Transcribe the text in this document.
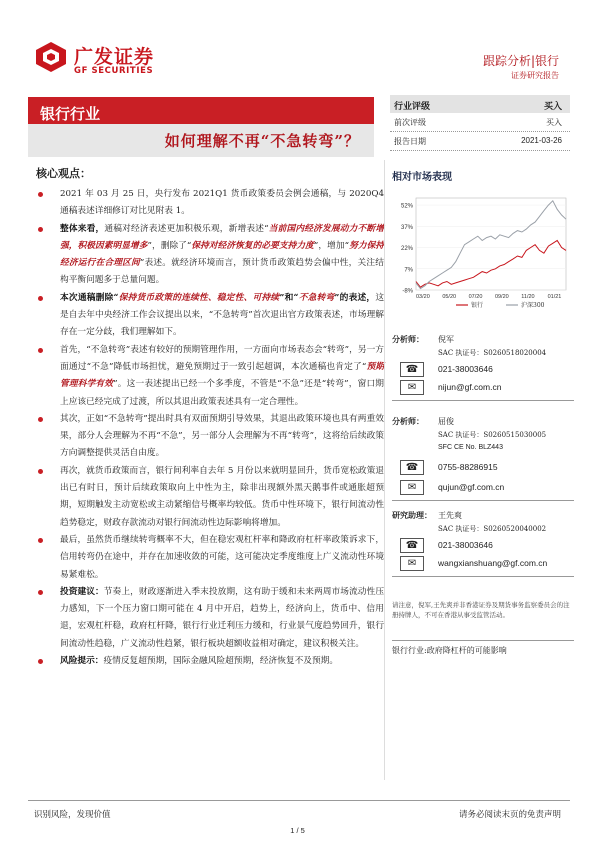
广发证券
GF SECURITIES
跟踪分析|银行
证券研究报告
银行行业
如何理解不再“不急转弯”？
行业评级	买入
前次评级	买入
报告日期	2021-03-26
相对市场表现
-8%
7%
22%
37%
52%
03/20 05/20 07/20 09/20 11/20 01/21
银行	沪深300
核心观点：
2021 年 03 月 25 日，央行发布 2021Q1 货币政策委员会例会通稿，与 2020Q4 通稿表述详细修订对比见附表 1。
整体来看，通稿对经济表述更加积极乐观，新增表述“当前国内经济发展动力不断增强，积极因素明显增多”，删除了“保持对经济恢复的必要支持力度”，增加“努力保持经济运行在合理区间”表述。就经济环境而言，预计货币政策趋势会偏中性，关注结构平衡问题多于总量问题。
本次通稿删除“保持货币政策的连续性、稳定性、可持续”和“不急转弯”的表述，这是自去年中央经济工作会议提出以来，“不急转弯”首次退出官方政策表述，市场理解存在一定分歧，我们理解如下。
首先，“不急转弯”表述有较好的预期管理作用，一方面向市场表态会“转弯”，另一方面通过“不急”降低市场担忧，避免预期过于一致引起超调，本次通稿也肯定了“预期管理科学有效”。这一表述提出已经一个多季度，不管是“不急”还是“转弯”，窗口期上应该已经完成了过渡，所以其退出政策表述具有一定合理性。
其次，正如“不急转弯”提出时具有双面预期引导效果，其退出政策环境也具有两重效果，部分人会理解为不再“不急”，另一部分人会理解为不再“转弯”，这将给后续政策方向调整提供灵活自由度。
再次，就货币政策而言，银行间利率自去年 5 月份以来就明显回升，货币宽松政策退出已有时日，预计后续政策取向上中性为主，除非出现额外黑天鹅事件或通胀超预期，短期触发主动宽松或主动紧缩信号概率均较低。货币中性环境下，银行间流动性趋势稳定，财政存款流动对银行间流动性边际影响将增加。
最后，虽然货币继续转弯概率不大，但在稳宏观杠杆率和降政府杠杆率政策诉求下，信用转弯仍在途中，并存在加速收敛的可能，这可能决定季度维度上广义流动性环境易紧难松。
投资建议：节奏上，财政逐渐进入季末投放期，这有助于缓和未来两周市场流动性压力感知，下一个压力窗口期可能在 4 月中开启，趋势上，经济向上，货币中、信用退，宏观杠杆稳，政府杠杆降，银行行业迁利压力缓和，行业景气度趋势回升，银行间流动性趋稳，广义流动性趋紧，银行板块超额收益相对确定，建议积极关注。
风险提示：疫情反复超预期，国际金融风险超预期，经济恢复不及预期。
分析师： 倪军
SAC 执证号：S0260518020004
☎	021-38003646
✉	nijun@gf.com.cn
分析师： 屈俊
SAC 执证号：S0260515030005
SFC CE No. BLZ443
☎	0755-88286915
✉	qujun@gf.com.cn
研究助理： 王先爽
SAC 执证号：S0260520040002
☎	021-38003646
✉	wangxianshuang@gf.com.cn
请注意，倪军,王先爽并非香港证券及期货事务监察委员会的注册持牌人，不可在香港从事受监管活动。
银行行业:政府降杠杆的可能影响
识别风险，发现价值	请务必阅读末页的免责声明
1 / 5
